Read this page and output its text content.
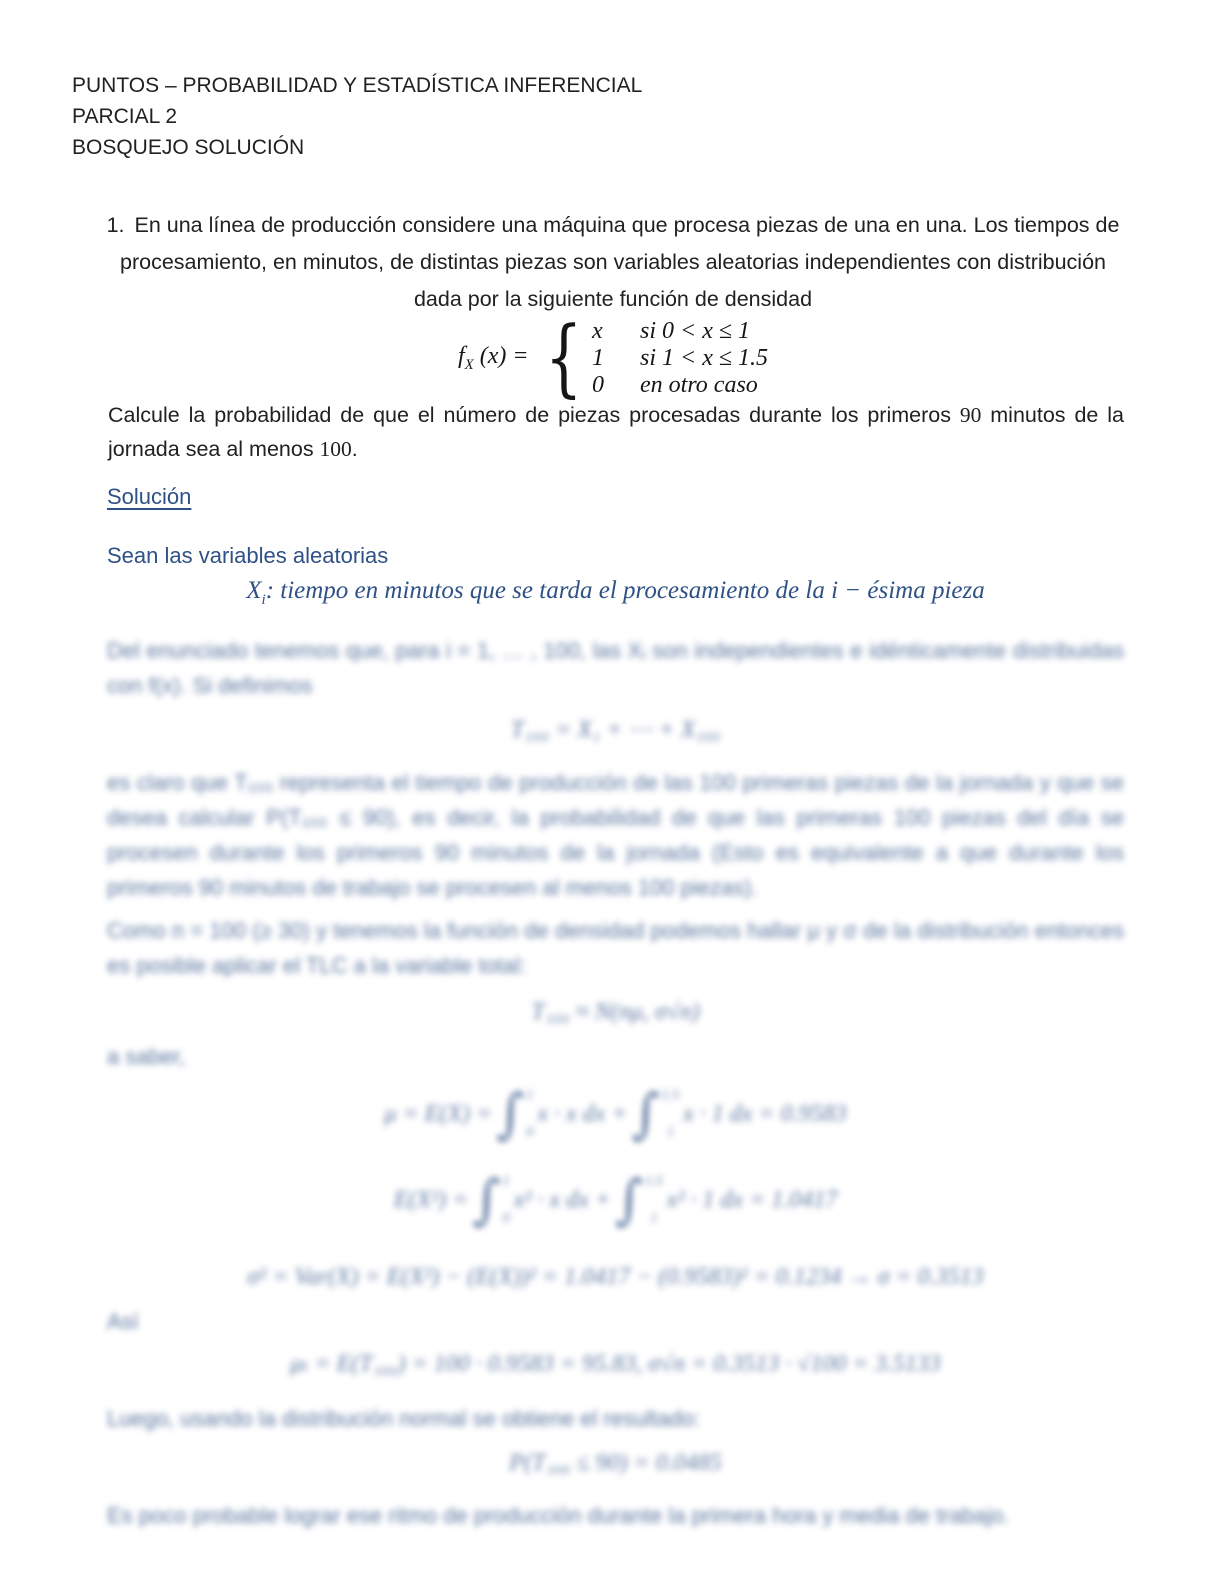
PUNTOS – PROBABILIDAD Y ESTADÍSTICA INFERENCIAL
PARCIAL 2
BOSQUEJO SOLUCIÓN

1. En una línea de producción considere una máquina que procesa piezas de una en una. Los tiempos de procesamiento, en minutos, de distintas piezas son variables aleatorias independientes con distribución dada por la siguiente función de densidad

$f_X$ (x) = { x si 0 < x ≤ 1
1 si 1 < x ≤ 1.5
0 en otro caso

Calcule la probabilidad de que el número de piezas procesadas durante los primeros 90 minutos de la jornada sea al menos 100.

Solución

Sean las variables aleatorias

$X_i$: tiempo en minutos que se tarda el procesamiento de la i − ésima pieza

Del enunciado tenemos que, para i = 1, … , 100, las Xᵢ son independientes e idénticamente distribuidas con f(x). Si definimos

T₁₀₀ = X₁ + ⋯ + X₁₀₀

es claro que T₁₀₀ representa el tiempo de producción de las 100 primeras piezas de la jornada y que se desea calcular P(T₁₀₀ ≤ 90), es decir, la probabilidad de que las primeras 100 piezas del día se procesen durante los primeros 90 minutos de la jornada (Esto es equivalente a que durante los primeros 90 minutos de trabajo se procesen al menos 100 piezas).

Como n = 100 (≥ 30) y tenemos la función de densidad podemos hallar μ y σ de la distribución entonces es posible aplicar el TLC a la variable total:

T₁₀₀ ≈ N(nμ, σ√n)

a saber,

μ = E(X) = ∫ 1
0
x · x dx + ∫ 1.5
1
x · 1 dx = 0.9583
E(X²) = ∫ 1
0
x² · x dx + ∫ 1.5
1
x² · 1 dx = 1.0417
σ² = Var(X) = E(X²) − (E(X))² = 1.0417 − (0.9583)² = 0.1234 → σ = 0.3513

Así

μₜ = E(T₁₀₀) = 100 · 0.9583 = 95.83, σ√n = 0.3513 · √100 = 3.5133

Luego, usando la distribución normal se obtiene el resultado:

P(T₁₀₀ ≤ 90) = 0.0485

Es poco probable lograr ese ritmo de producción durante la primera hora y media de trabajo.
